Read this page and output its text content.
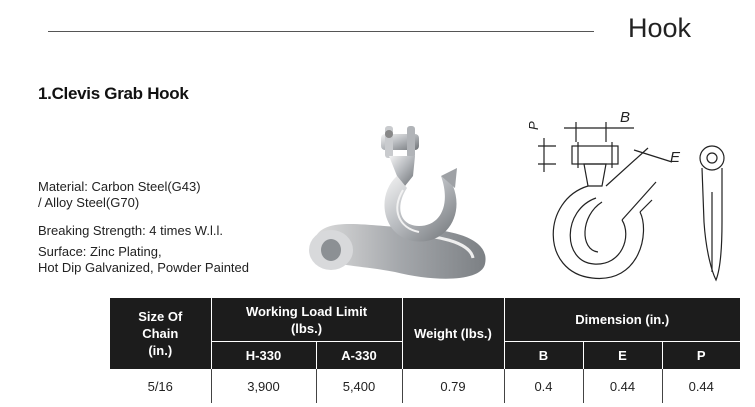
Hook
1.Clevis Grab Hook
Material: Carbon Steel(G43)
/ Alloy Steel(G70)
Breaking Strength: 4 times W.l.l.
Surface: Zinc Plating,
Hot Dip Galvanized, Powder Painted
P	B
E
Size Of
Chain
(in.)	Working Load Limit
(lbs.)		Weight (lbs.)	Dimension (in.)		
	H-330	A-330		B	E	P
5/16	3,900	5,400	0.79	0.4	0.44	0.44
